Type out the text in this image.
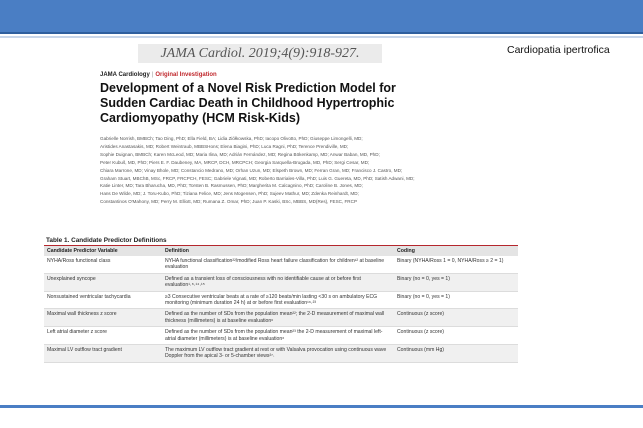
JAMA Cardiol. 2019;4(9):918-927.	Cardiopatia ipertrofica
JAMA Cardiology | Original Investigation
Development of a Novel Risk Prediction Model for Sudden Cardiac Death in Childhood Hypertrophic Cardiomyopathy (HCM Risk-Kids)
Gabrielle Norrish, BMBCh; Tao Ding, PhD; Ella Field, BA; Lidia Ziółkowska, PhD; Iacopo Olivotto, PhD; Giuseppe Limongelli, MD;
Aristides Anastasakis, MD; Robert Weintraub, MBBSHons; Elena Biagini, PhD; Luca Ragni, PhD; Terence Prendiville, MD;
Sophie Duignan, BMBCh; Karen McLeod, MD; Maria Ilina, MD; Adrián Fernández, MD; Regina Bökenkamp, MD; Anwar Baban, MD, PhD;
Peter Kubuš, MD, PhD; Piers E. F. Daubeney, MA, MRCP, DCH, MRCPCH; Georgia Sarquella-Brugada, MD, PhD; Sergi Cesar, MD;
Chiara Marrone, MD; Vinay Bhole, MD; Constancio Medrano, MD; Orhan Uzun, MD; Elspeth Brown, MD; Ferran Gran, MD; Francisco J. Castro, MD;
Graham Stuart, MBChB, MSc, FRCP, FRCPCH, FESC; Gabriele Vignati, MD; Roberto Barriales-Villa, PhD; Luis G. Guereta, MD, PhD; Satish Adwani, MD;
Katie Linter, MD; Tara Bharucha, MD, PhD; Torsten B. Rasmussen, PhD; Margherita M. Calcagnino, PhD; Caroline B. Jones, MD;
Hans De Wilde, MD; J. Toru-Kubo, PhD; Tiziana Felice, MD; Jens Mogensen, PhD; Sujeev Mathur, MD; Zdenka Reinhardt, MD;
Constantinos O'Mahony, MD; Perry M. Elliott, MD; Rumana Z. Omar, PhD; Juan P. Kaski, BSc, MBBS, MD(Res), FESC, FRCP
Table 1. Candidate Predictor Definitions
Candidate Predictor Variable	Definition	Coding
NYHA/Ross functional class	NYHA functional classification²²/modified Ross heart failure classification for children¹² at baseline evaluation	Binary (NYHA/Ross 1 = 0, NYHA/Ross ≥ 2 = 1)
Unexplained syncope	Defined as a transient loss of consciousness with no identifiable cause at or before first evaluation¹˒⁸˒¹⁴˒¹⁵	Binary (no = 0, yes = 1)
Nonsustained ventricular tachycardia	≥3 Consecutive ventricular beats at a rate of ≥120 beats/min lasting <30 s on ambulatory ECG monitoring (minimum duration 24 h) at or before first evaluation¹⁶˒²³	Binary (no = 0, yes = 1)
Maximal wall thickness z score	Defined as the number of SDs from the population mean²²; the 2-D measurement of maximal wall thickness (millimeters) is at baseline evaluation⁶	Continuous (z score)
Left atrial diameter z score	Defined as the number of SDs from the population mean²³ the 2-D measurement of maximal left-atrial diameter (millimeters) is at baseline evaluation⁶	Continuous (z score)
Maximal LV outflow tract gradient	The maximum LV outflow tract gradient at rest or with Valsalva provocation using continuous wave Doppler from the apical 3- or 5-chamber views²⁷˒	Continuous (mm Hg)
